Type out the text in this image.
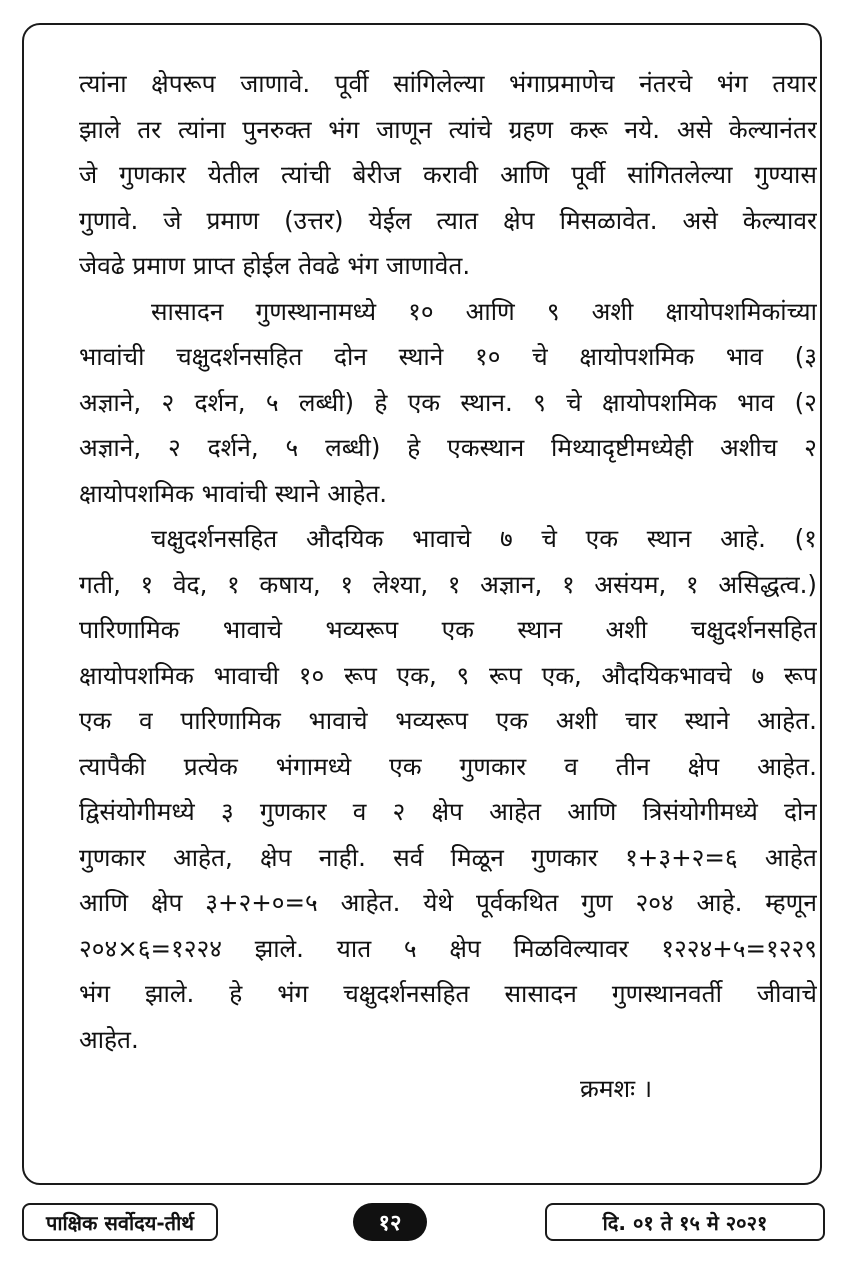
त्यांना क्षेपरूप जाणावे. पूर्वी सांगिलेल्या भंगाप्रमाणेच नंतरचे भंग तयार
झाले तर त्यांना पुनरुक्त भंग जाणून त्यांचे ग्रहण करू नये. असे केल्यानंतर
जे गुणकार येतील त्यांची बेरीज करावी आणि पूर्वी सांगितलेल्या गुण्यास
गुणावे. जे प्रमाण (उत्तर) येईल त्यात क्षेप मिसळावेत. असे केल्यावर
जेवढे प्रमाण प्राप्त होईल तेवढे भंग जाणावेत.
सासादन गुणस्थानामध्ये १० आणि ९ अशी क्षायोपशमिकांच्या
भावांची चक्षुदर्शनसहित दोन स्थाने १० चे क्षायोपशमिक भाव (३
अज्ञाने, २ दर्शन, ५ लब्धी) हे एक स्थान. ९ चे क्षायोपशमिक भाव (२
अज्ञाने, २ दर्शने, ५ लब्धी) हे एकस्थान मिथ्यादृष्टीमध्येही अशीच २
क्षायोपशमिक भावांची स्थाने आहेत.
चक्षुदर्शनसहित औदयिक भावाचे ७ चे एक स्थान आहे. (१
गती, १ वेद, १ कषाय, १ लेश्या, १ अज्ञान, १ असंयम, १ असिद्धत्व.)
पारिणामिक भावाचे भव्यरूप एक स्थान अशी चक्षुदर्शनसहित
क्षायोपशमिक भावाची १० रूप एक, ९ रूप एक, औदयिकभावचे ७ रूप
एक व पारिणामिक भावाचे भव्यरूप एक अशी चार स्थाने आहेत.
त्यापैकी प्रत्येक भंगामध्ये एक गुणकार व तीन क्षेप आहेत.
द्विसंयोगीमध्ये ३ गुणकार व २ क्षेप आहेत आणि त्रिसंयोगीमध्ये दोन
गुणकार आहेत, क्षेप नाही. सर्व मिळून गुणकार १+३+२=६ आहेत
आणि क्षेप ३+२+०=५ आहेत. येथे पूर्वकथित गुण २०४ आहे. म्हणून
२०४×६=१२२४ झाले. यात ५ क्षेप मिळविल्यावर १२२४+५=१२२९
भंग झाले. हे भंग चक्षुदर्शनसहित सासादन गुणस्थानवर्ती जीवाचे
आहेत.
क्रमशः ।
पाक्षिक सर्वोदय-तीर्थ	१२	दि. ०१ ते १५ मे २०२१
